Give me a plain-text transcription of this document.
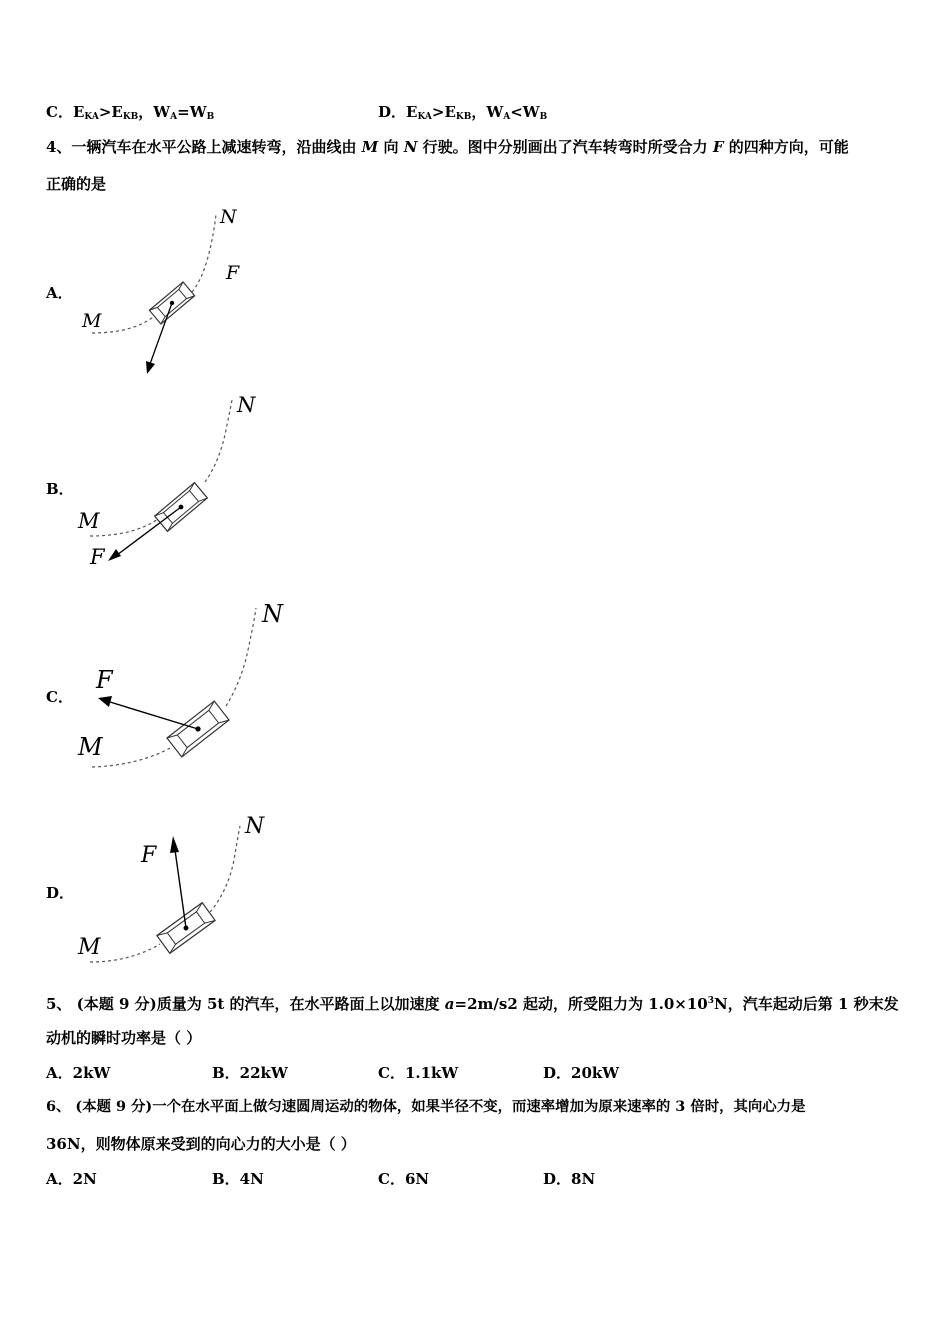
C．$E_{KA}>E_{KB}$，$W_A=W_B$	D．$E_{KA}>E_{KB}$，$W_A<W_B$
4、一辆汽车在水平公路上减速转弯，沿曲线由 M 向 N 行驶。图中分别画出了汽车转弯时所受合力 F 的四种方向，可能
正确的是
A．
N
F
M
B．
N
M
F
C．
N
F
M
D．
N
F
M
5、 (本题 9 分)质量为 5t 的汽车，在水平路面上以加速度 a=2m/s2 起动，所受阻力为 $1.0\times 10^3N$，汽车起动后第 1 秒末发
动机的瞬时功率是（ ）
A．2kW	B．22kW	C．1.1kW	D．20kW
6、 (本题 9 分)一个在水平面上做匀速圆周运动的物体，如果半径不变，而速率增加为原来速率的 3 倍时，其向心力是
36N，则物体原来受到的向心力的大小是（ ）
A．2N	B．4N	C．6N	D．8N
